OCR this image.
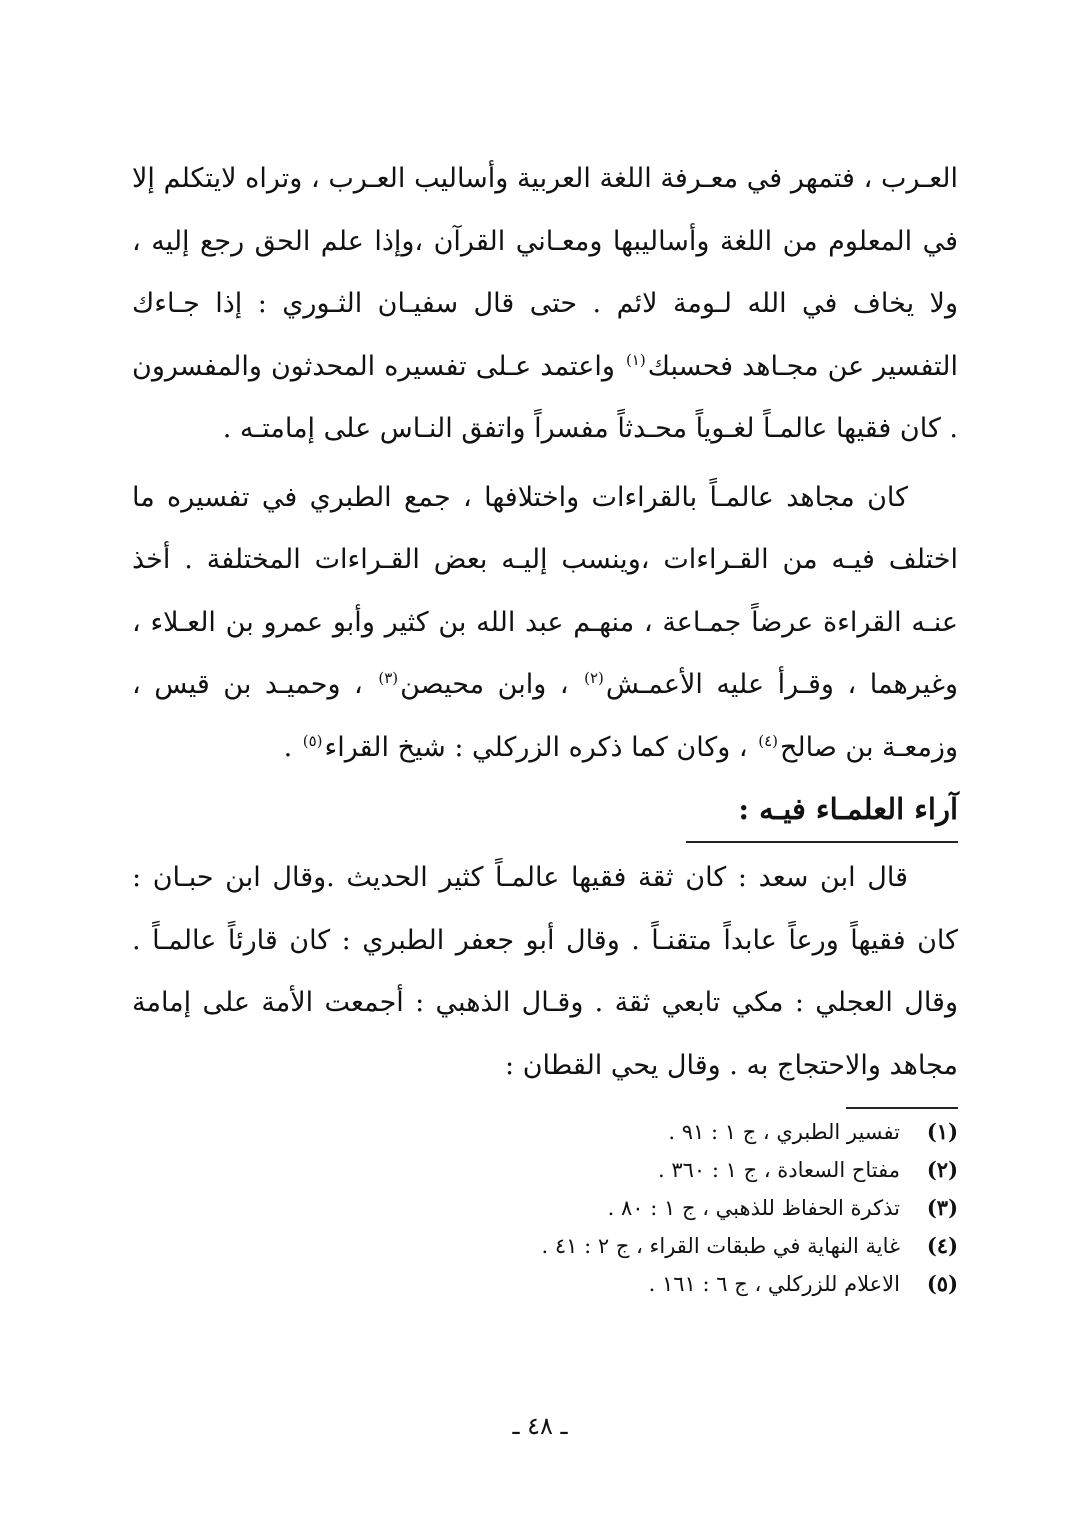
العـرب ، فتمهر في معـرفة اللغة العربية وأساليب العـرب ، وتراه لايتكلم إلا في المعلوم من اللغة وأساليبها ومعـاني القرآن ،وإذا علم الحق رجع إليه ، ولا يخاف في الله لـومة لائم . حتى قال سفيـان الثـوري : إذا جـاءك التفسير عن مجـاهد فحسبك$^{(١)}$ واعتمد عـلى تفسيره المحدثون والمفسرون . كان فقيها عالمـاً لغـوياً محـدثاً مفسراً واتفق النـاس على إمامتـه .

كان مجاهد عالمـاً بالقراءات واختلافها ، جمع الطبري في تفسيره ما اختلف فيـه من القـراءات ،وينسب إليـه بعض القـراءات المختلفة . أخذ عنـه القراءة عرضاً جمـاعة ، منهـم عبد الله بن كثير وأبو عمرو بن العـلاء ، وغيرهما ، وقـرأ عليه الأعمـش$^{(٢)}$ ، وابن محيصن$^{(٣)}$ ، وحميـد بن قيس ، وزمعـة بن صالح$^{(٤)}$ ، وكان كما ذكره الزركلي : شيخ القراء$^{(٥)}$ .

آراء العلمـاء فيـه :

قال ابن سعد : كان ثقة فقيها عالمـاً كثير الحديث .وقال ابن حبـان : كان فقيهاً ورعاً عابداً متقنـاً . وقال أبو جعفر الطبري : كان قارئاً عالمـاً . وقال العجلي : مكي تابعي ثقة . وقـال الذهبي : أجمعت الأمة على إمامة مجاهد والاحتجاج به . وقال يحي القطان :

(١)تفسير الطبري ، ج ١ : ٩١ .
(٢)مفتاح السعادة ، ج ١ : ٣٦٠ .
(٣)تذكرة الحفاظ للذهبي ، ج ١ : ٨٠ .
(٤)غاية النهاية في طبقات القراء ، ج ٢ : ٤١ .
(٥)الاعلام للزركلي ، ج ٦ : ١٦١ .
ـ ٤٨ ـ
